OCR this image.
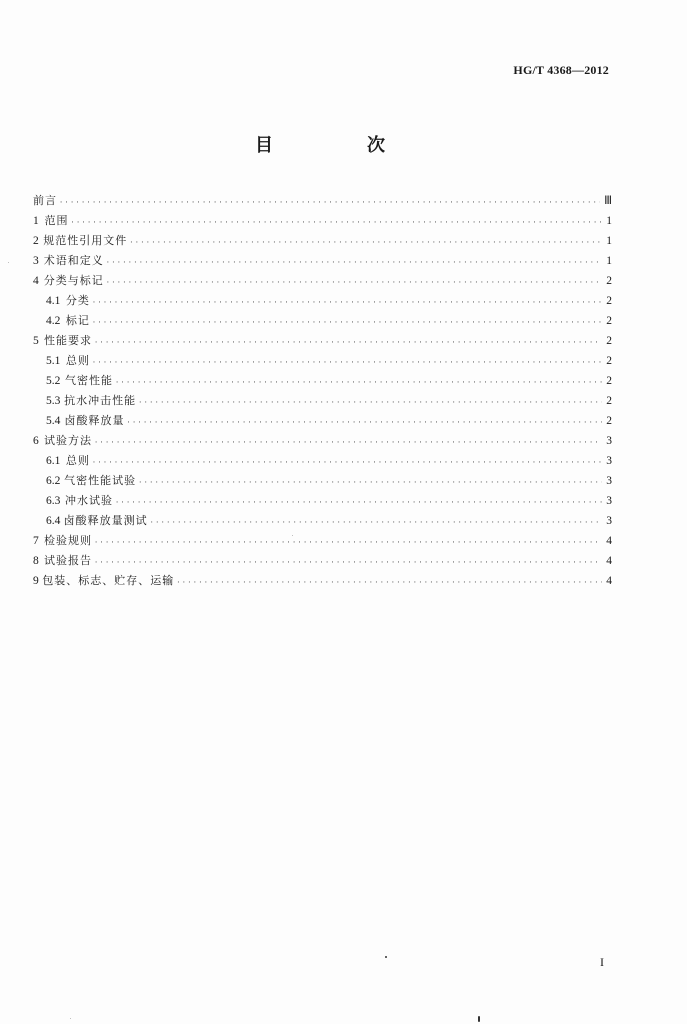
HG/T 4368—2012
目　次
前言 ·····	Ⅲ
1 范围 ·····	1
2 规范性引用文件 ·····	1
3 术语和定义 ·····	1
4 分类与标记 ·····	2
4.1 分类 ·····	2
4.2 标记 ·····	2
5 性能要求 ·····	2
5.1 总则 ·····	2
5.2 气密性能 ·····	2
5.3 抗水冲击性能 ·····	2
5.4 卤酸释放量 ·····	2
6 试验方法 ·····	3
6.1 总则 ·····	3
6.2 气密性能试验 ·····	3
6.3 冲水试验 ·····	3
6.4 卤酸释放量测试 ·····	3
7 检验规则 ·····	4
8 试验报告 ·····	4
9 包装、标志、贮存、运输 ·····	4
I
